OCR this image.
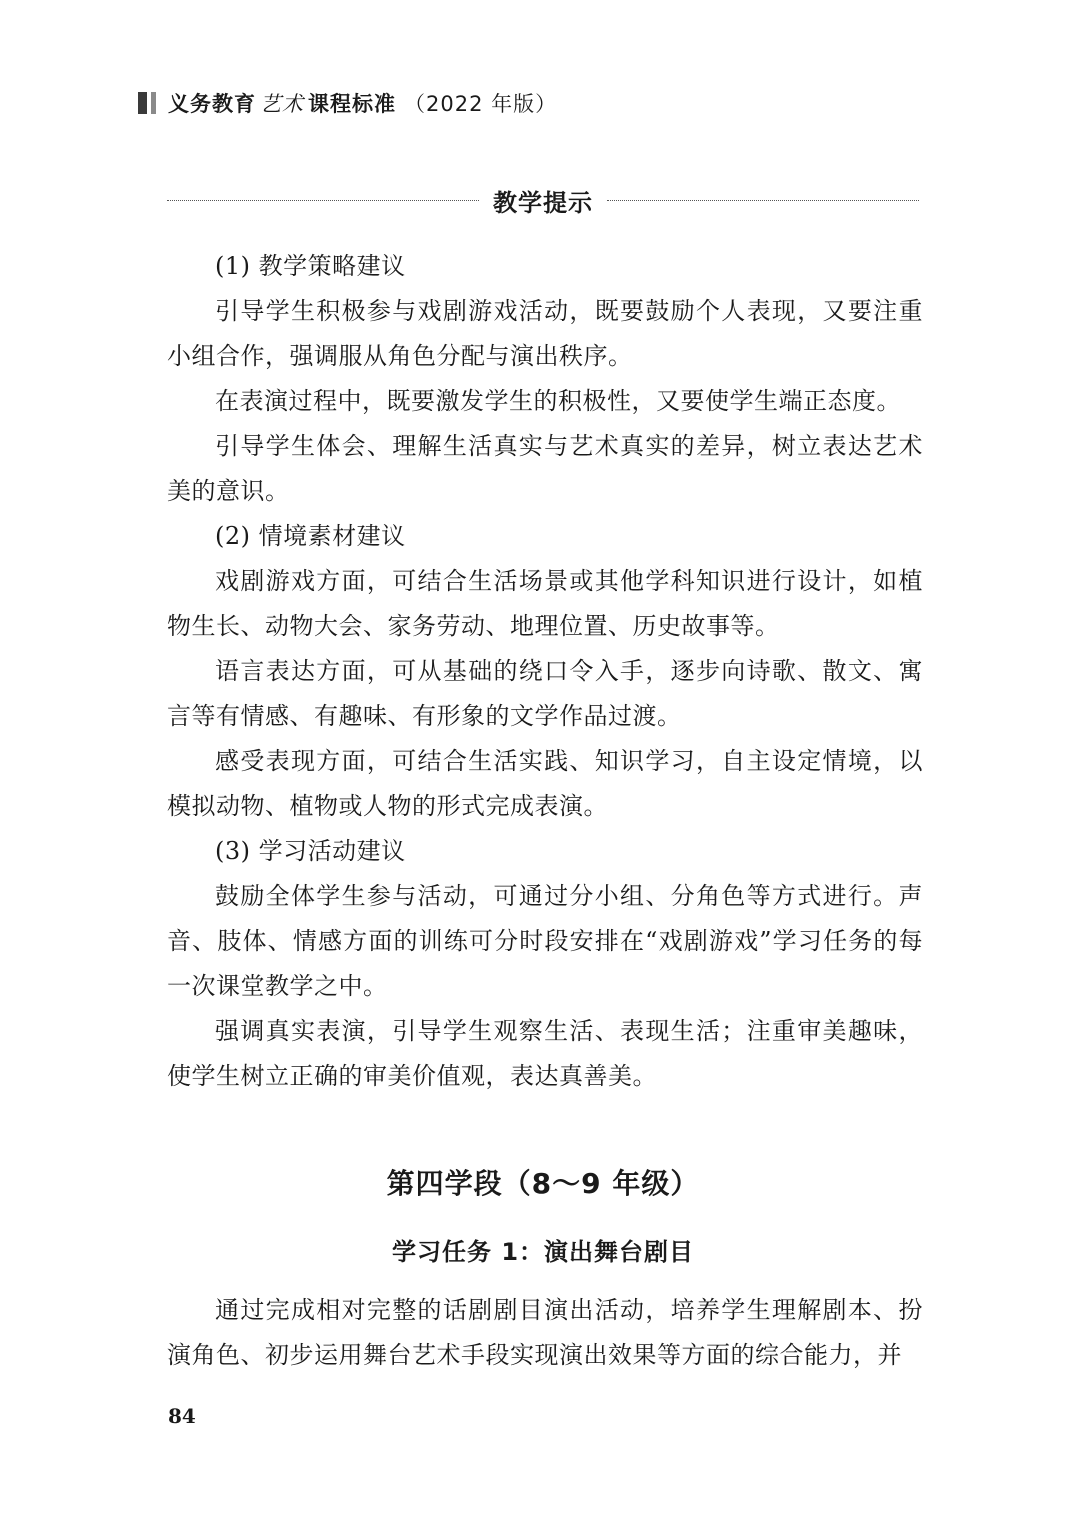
义务教育 艺术 课程标准 （2022 年版）
教学提示

(1) 教学策略建议

引导学生积极参与戏剧游戏活动，既要鼓励个人表现，又要注重小组合作，强调服从角色分配与演出秩序。

在表演过程中，既要激发学生的积极性，又要使学生端正态度。

引导学生体会、理解生活真实与艺术真实的差异，树立表达艺术美的意识。

(2) 情境素材建议

戏剧游戏方面，可结合生活场景或其他学科知识进行设计，如植物生长、动物大会、家务劳动、地理位置、历史故事等。

语言表达方面，可从基础的绕口令入手，逐步向诗歌、散文、寓言等有情感、有趣味、有形象的文学作品过渡。

感受表现方面，可结合生活实践、知识学习，自主设定情境，以模拟动物、植物或人物的形式完成表演。

(3) 学习活动建议

鼓励全体学生参与活动，可通过分小组、分角色等方式进行。声音、肢体、情感方面的训练可分时段安排在“戏剧游戏”学习任务的每一次课堂教学之中。

强调真实表演，引导学生观察生活、表现生活；注重审美趣味，使学生树立正确的审美价值观，表达真善美。

第四学段（8～9 年级）
学习任务 1：演出舞台剧目

通过完成相对完整的话剧剧目演出活动，培养学生理解剧本、扮演角色、初步运用舞台艺术手段实现演出效果等方面的综合能力，并

84
